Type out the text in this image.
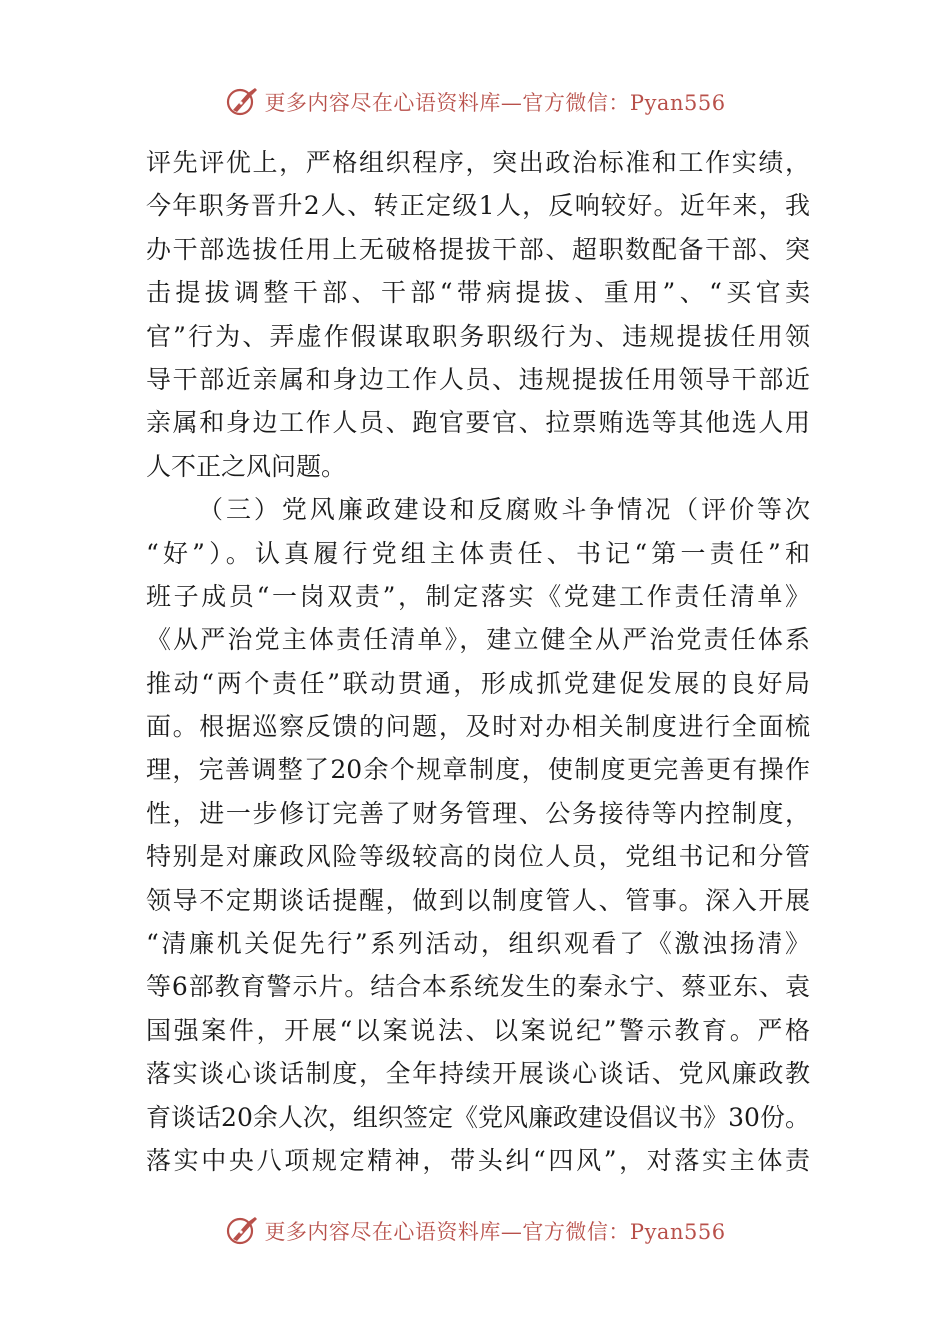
更多内容尽在心语资料库—官方微信：Pyan556
评先评优上，严格组织程序，突出政治标准和工作实绩，
今年职务晋升2人、转正定级1人，反响较好。近年来，我
办干部选拔任用上无破格提拔干部、超职数配备干部、突
击提拔调整干部、干部“带病提拔、重用”、“买官卖
官”行为、弄虚作假谋取职务职级行为、违规提拔任用领
导干部近亲属和身边工作人员、违规提拔任用领导干部近
亲属和身边工作人员、跑官要官、拉票贿选等其他选人用
人不正之风问题。
（三）党风廉政建设和反腐败斗争情况（评价等次
“好”）。认真履行党组主体责任、书记“第一责任”和
班子成员“一岗双责”，制定落实《党建工作责任清单》
《从严治党主体责任清单》，建立健全从严治党责任体系
推动“两个责任”联动贯通，形成抓党建促发展的良好局
面。根据巡察反馈的问题，及时对办相关制度进行全面梳
理，完善调整了20余个规章制度，使制度更完善更有操作
性，进一步修订完善了财务管理、公务接待等内控制度，
特别是对廉政风险等级较高的岗位人员，党组书记和分管
领导不定期谈话提醒，做到以制度管人、管事。深入开展
“清廉机关促先行”系列活动，组织观看了《激浊扬清》
等6部教育警示片。结合本系统发生的秦永宁、蔡亚东、袁
国强案件，开展“以案说法、以案说纪”警示教育。严格
落实谈心谈话制度，全年持续开展谈心谈话、党风廉政教
育谈话20余人次，组织签定《党风廉政建设倡议书》30份。
落实中央八项规定精神，带头纠“四风”，对落实主体责
更多内容尽在心语资料库—官方微信：Pyan556
